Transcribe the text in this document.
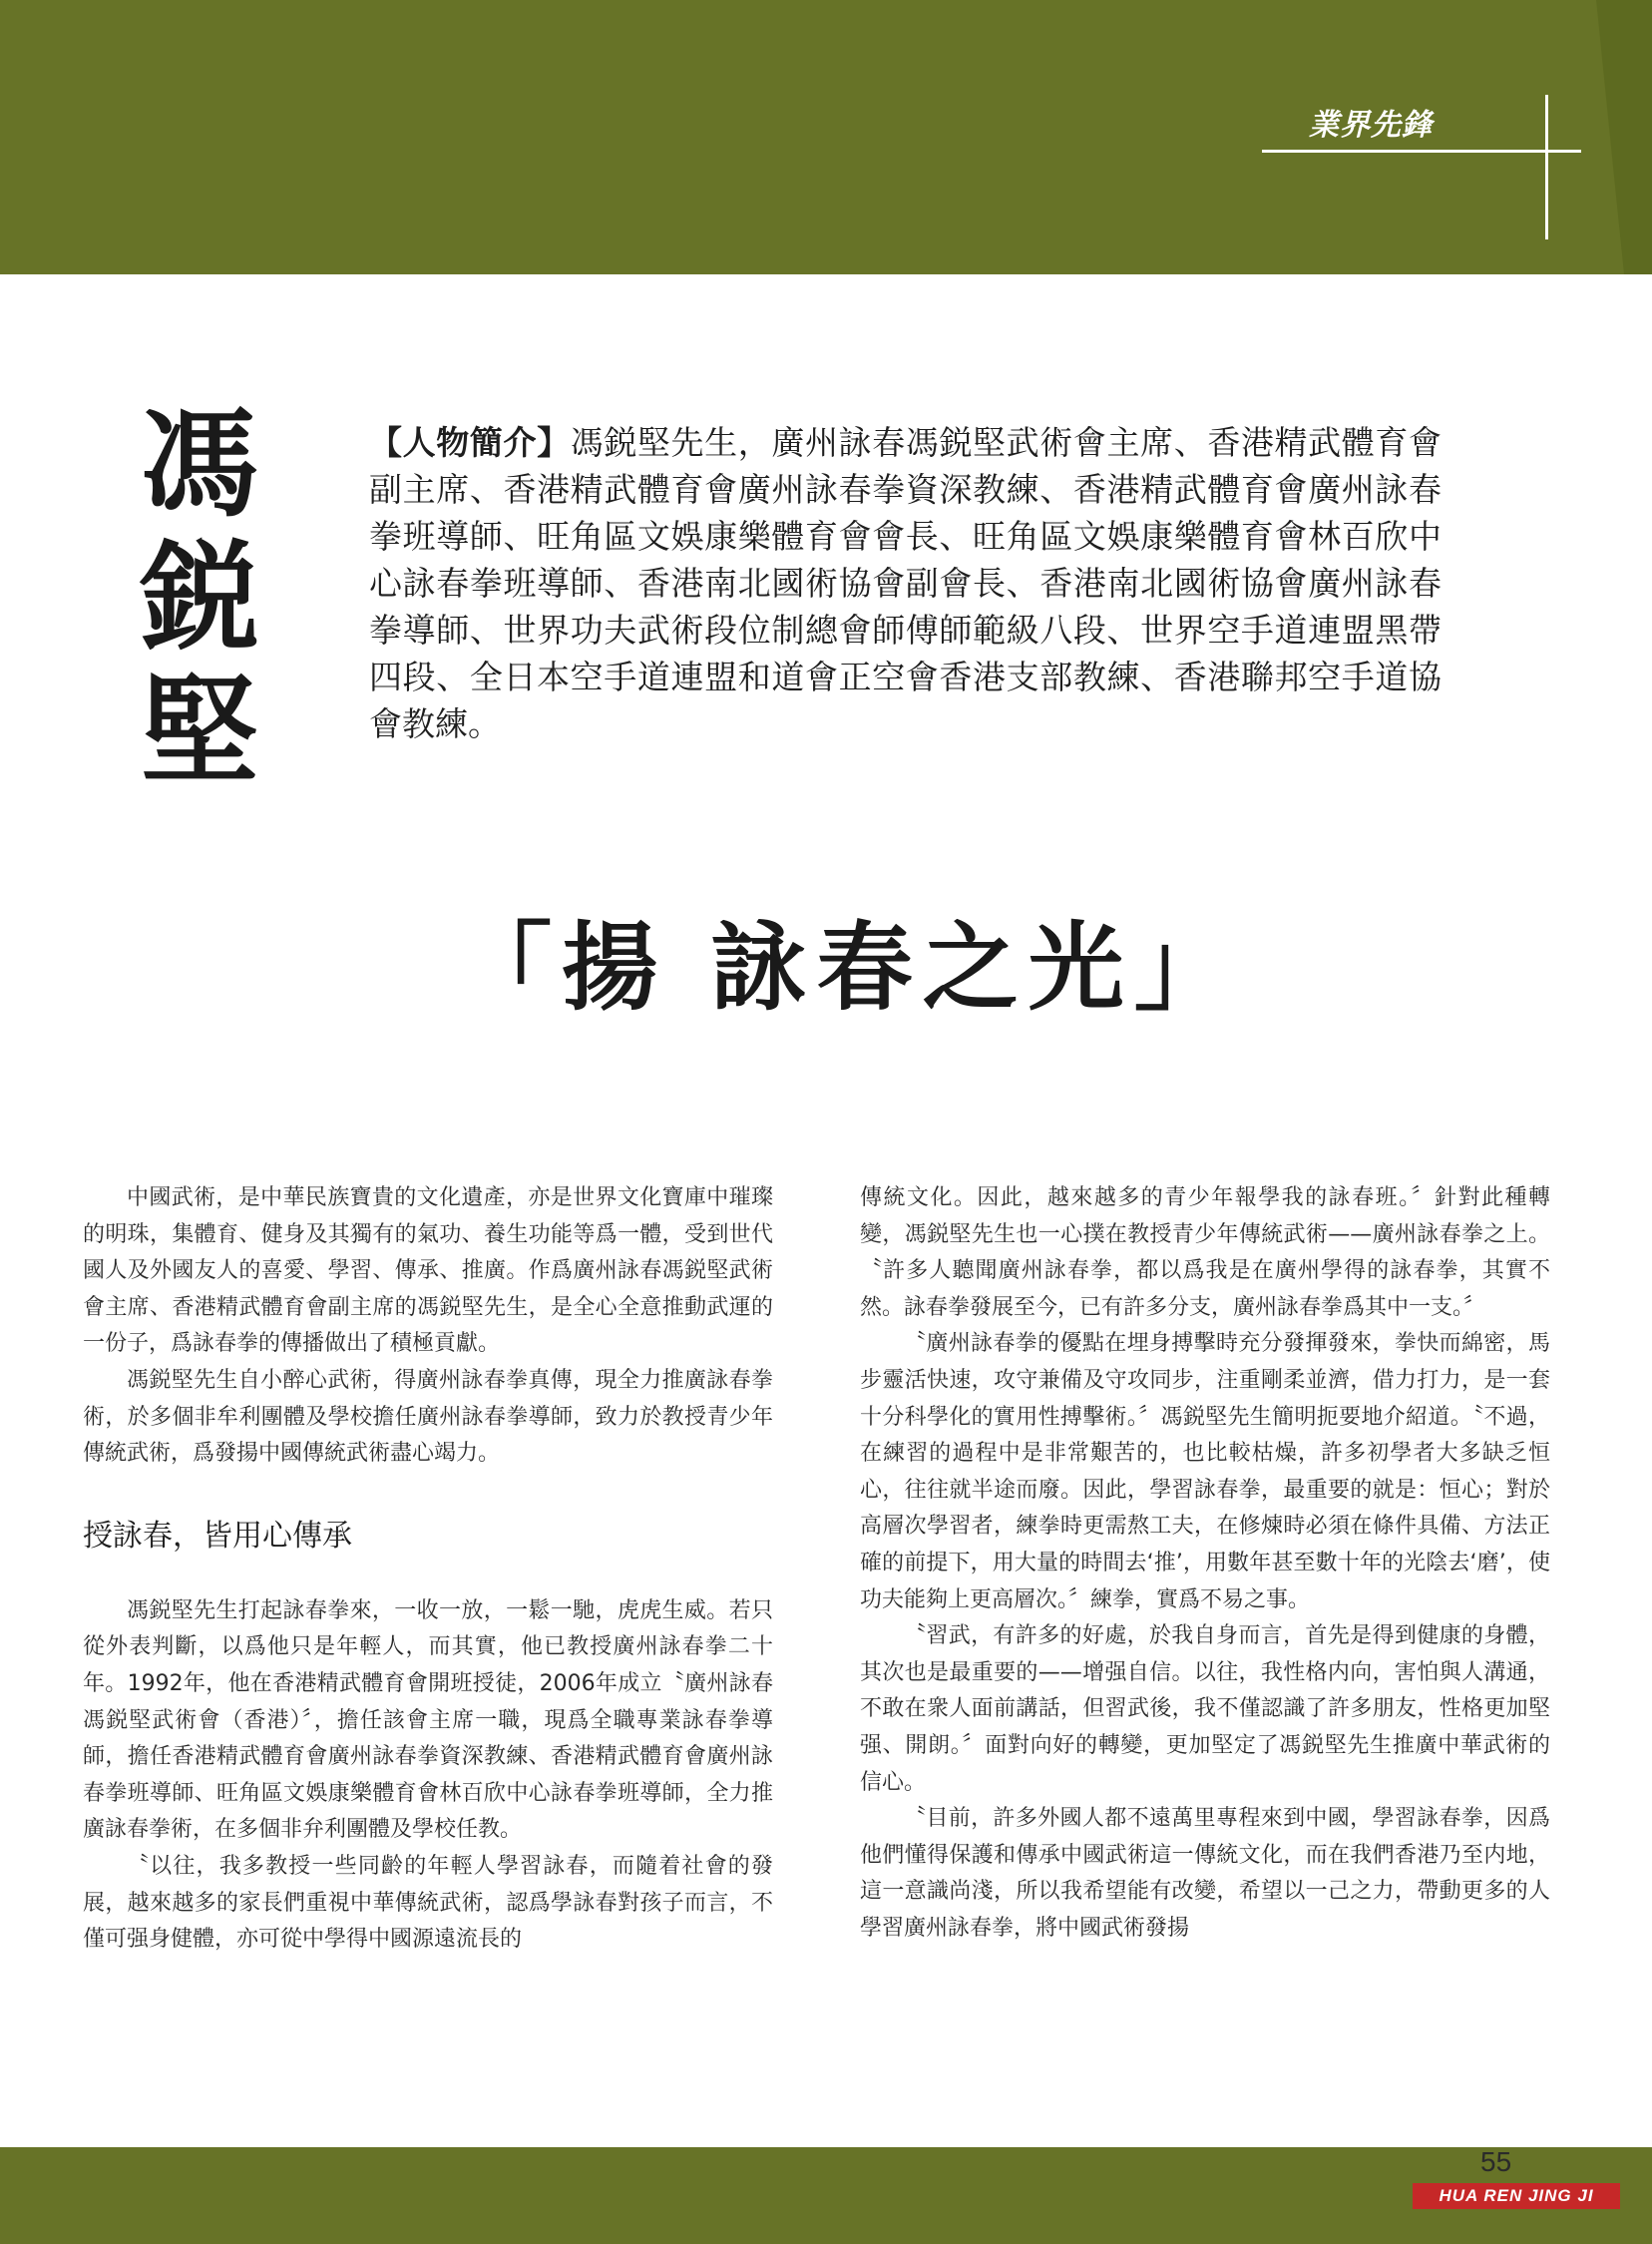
業界先鋒
馮
鋭
堅
【人物簡介】馮鋭堅先生，廣州詠春馮鋭堅武術會主席、香港精武體育會副主席、香港精武體育會廣州詠春拳資深教練、香港精武體育會廣州詠春拳班導師、旺角區文娛康樂體育會會長、旺角區文娛康樂體育會林百欣中心詠春拳班導師、香港南北國術協會副會長、香港南北國術協會廣州詠春拳導師、世界功夫武術段位制總會師傅師範級八段、世界空手道連盟黑帶四段、全日本空手道連盟和道會正空會香港支部教練、香港聯邦空手道協會教練。
「揚 詠春之光」

中國武術，是中華民族寶貴的文化遺產，亦是世界文化寶庫中璀璨的明珠，集體育、健身及其獨有的氣功、養生功能等爲一體，受到世代國人及外國友人的喜愛、學習、傳承、推廣。作爲廣州詠春馮鋭堅武術會主席、香港精武體育會副主席的馮鋭堅先生，是全心全意推動武運的一份子，爲詠春拳的傳播做出了積極貢獻。

馮鋭堅先生自小醉心武術，得廣州詠春拳真傳，現全力推廣詠春拳術，於多個非牟利團體及學校擔任廣州詠春拳導師，致力於教授青少年傳統武術，爲發揚中國傳統武術盡心竭力。

授詠春，皆用心傳承

馮鋭堅先生打起詠春拳來，一收一放，一鬆一馳，虎虎生威。若只從外表判斷，以爲他只是年輕人，而其實，他已教授廣州詠春拳二十年。1992年，他在香港精武體育會開班授徒，2006年成立〝廣州詠春馮鋭堅武術會（香港）〞，擔任該會主席一職，現爲全職專業詠春拳導師，擔任香港精武體育會廣州詠春拳資深教練、香港精武體育會廣州詠春拳班導師、旺角區文娛康樂體育會林百欣中心詠春拳班導師，全力推廣詠春拳術，在多個非弁利團體及學校任教。

〝以往，我多教授一些同齡的年輕人學習詠春，而隨着社會的發展，越來越多的家長們重視中華傳統武術，認爲學詠春對孩子而言，不僅可强身健體，亦可從中學得中國源遠流長的

傳統文化。因此，越來越多的青少年報學我的詠春班。〞針對此種轉變，馮鋭堅先生也一心撲在教授青少年傳統武術——廣州詠春拳之上。〝許多人聽聞廣州詠春拳，都以爲我是在廣州學得的詠春拳，其實不然。詠春拳發展至今，已有許多分支，廣州詠春拳爲其中一支。〞

〝廣州詠春拳的優點在埋身搏擊時充分發揮發來，拳快而綿密，馬步靈活快速，攻守兼備及守攻同步，注重剛柔並濟，借力打力，是一套十分科學化的實用性搏擊術。〞馮鋭堅先生簡明扼要地介紹道。〝不過，在練習的過程中是非常艱苦的，也比較枯燥，許多初學者大多缺乏恒心，往往就半途而廢。因此，學習詠春拳，最重要的就是：恒心；對於高層次學習者，練拳時更需熬工夫，在修煉時必須在條件具備、方法正確的前提下，用大量的時間去‘推’，用數年甚至數十年的光陰去‘磨’，使功夫能夠上更高層次。〞練拳，實爲不易之事。

〝習武，有許多的好處，於我自身而言，首先是得到健康的身體，其次也是最重要的——增强自信。以往，我性格内向，害怕與人溝通，不敢在衆人面前講話，但習武後，我不僅認識了許多朋友，性格更加堅强、開朗。〞面對向好的轉變，更加堅定了馮鋭堅先生推廣中華武術的信心。

〝目前，許多外國人都不遠萬里專程來到中國，學習詠春拳，因爲他們懂得保護和傳承中國武術這一傳統文化，而在我們香港乃至内地，這一意識尚淺，所以我希望能有改變，希望以一己之力，帶動更多的人學習廣州詠春拳，將中國武術發揚

55
HUA REN JING JI
